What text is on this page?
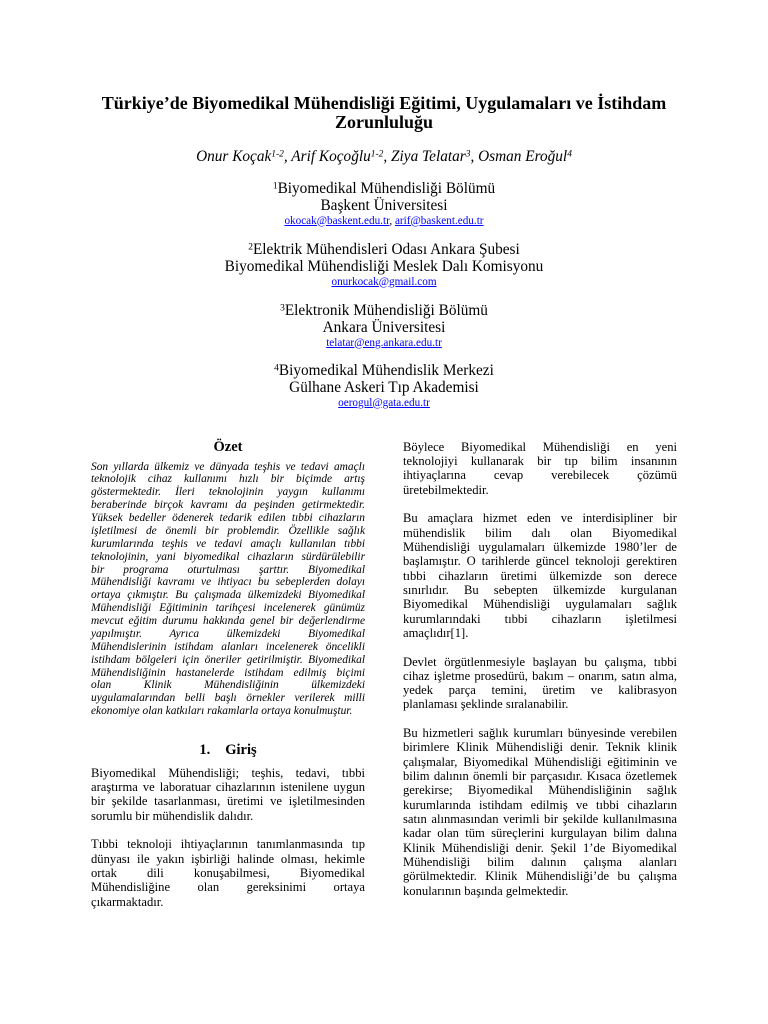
Türkiye’de Biyomedikal Mühendisliği Eğitimi, Uygulamaları ve İstihdam Zorunluluğu
Onur Koçak$^{1-2}$, Arif Koçoğlu$^{1-2}$, Ziya Telatar$^3$, Osman Eroğul$^4$
$^1$Biyomedikal Mühendisliği Bölümü
Başkent Üniversitesi
okocak@baskent.edu.tr, arif@baskent.edu.tr
$^2$Elektrik Mühendisleri Odası Ankara Şubesi
Biyomedikal Mühendisliği Meslek Dalı Komisyonu
onurkocak@gmail.com
$^3$Elektronik Mühendisliği Bölümü
Ankara Üniversitesi
telatar@eng.ankara.edu.tr
$^4$Biyomedikal Mühendislik Merkezi
Gülhane Askeri Tıp Akademisi
oerogul@gata.edu.tr
Özet
Son yıllarda ülkemiz ve dünyada teşhis ve tedavi amaçlı
teknolojik cihaz kullanımı hızlı bir biçimde artış
göstermektedir. İleri teknolojinin yaygın kullanımı
beraberinde birçok kavramı da peşinden getirmektedir.
Yüksek bedeller ödenerek tedarik edilen tıbbi cihazların
işletilmesi de önemli bir problemdir. Özellikle sağlık
kurumlarında teşhis ve tedavi amaçlı kullanılan tıbbi
teknolojinin, yani biyomedikal cihazların sürdürülebilir
bir programa oturtulması şarttır. Biyomedikal
Mühendisliği kavramı ve ihtiyacı bu sebeplerden dolayı
ortaya çıkmıştır. Bu çalışmada ülkemizdeki Biyomedikal
Mühendisliği Eğitiminin tarihçesi incelenerek günümüz
mevcut eğitim durumu hakkında genel bir değerlendirme
yapılmıştır. Ayrıca ülkemizdeki Biyomedikal
Mühendislerinin istihdam alanları incelenerek öncelikli
istihdam bölgeleri için öneriler getirilmiştir. Biyomedikal
Mühendisliğinin hastanelerde istihdam edilmiş biçimi
olan Klinik Mühendisliğinin ülkemizdeki
uygulamalarından belli başlı örnekler verilerek milli
ekonomiye olan katkıları rakamlarla ortaya konulmuştur.
1. Giriş
Biyomedikal Mühendisliği; teşhis, tedavi, tıbbi
araştırma ve laboratuar cihazlarının istenilene uygun
bir şekilde tasarlanması, üretimi ve işletilmesinden
sorumlu bir mühendislik dalıdır.
Tıbbi teknoloji ihtiyaçlarının tanımlanmasında tıp
dünyası ile yakın işbirliği halinde olması, hekimle
ortak dili konuşabilmesi, Biyomedikal
Mühendisliğine olan gereksinimi ortaya
çıkarmaktadır.
Böylece Biyomedikal Mühendisliği en yeni
teknolojiyi kullanarak bir tıp bilim insanının
ihtiyaçlarına cevap verebilecek çözümü
üretebilmektedir.
Bu amaçlara hizmet eden ve interdisipliner bir
mühendislik bilim dalı olan Biyomedikal
Mühendisliği uygulamaları ülkemizde 1980’ler de
başlamıştır. O tarihlerde güncel teknoloji gerektiren
tıbbi cihazların üretimi ülkemizde son derece
sınırlıdır. Bu sebepten ülkemizde kurgulanan
Biyomedikal Mühendisliği uygulamaları sağlık
kurumlarındaki tıbbi cihazların işletilmesi
amaçlıdır[1].
Devlet örgütlenmesiyle başlayan bu çalışma, tıbbi
cihaz işletme prosedürü, bakım – onarım, satın alma,
yedek parça temini, üretim ve kalibrasyon
planlaması şeklinde sıralanabilir.
Bu hizmetleri sağlık kurumları bünyesinde verebilen
birimlere Klinik Mühendisliği denir. Teknik klinik
çalışmalar, Biyomedikal Mühendisliği eğitiminin ve
bilim dalının önemli bir parçasıdır. Kısaca özetlemek
gerekirse; Biyomedikal Mühendisliğinin sağlık
kurumlarında istihdam edilmiş ve tıbbi cihazların
satın alınmasından verimli bir şekilde kullanılmasına
kadar olan tüm süreçlerini kurgulayan bilim dalına
Klinik Mühendisliği denir. Şekil 1’de Biyomedikal
Mühendisliği bilim dalının çalışma alanları
görülmektedir. Klinik Mühendisliği’de bu çalışma
konularının başında gelmektedir.
